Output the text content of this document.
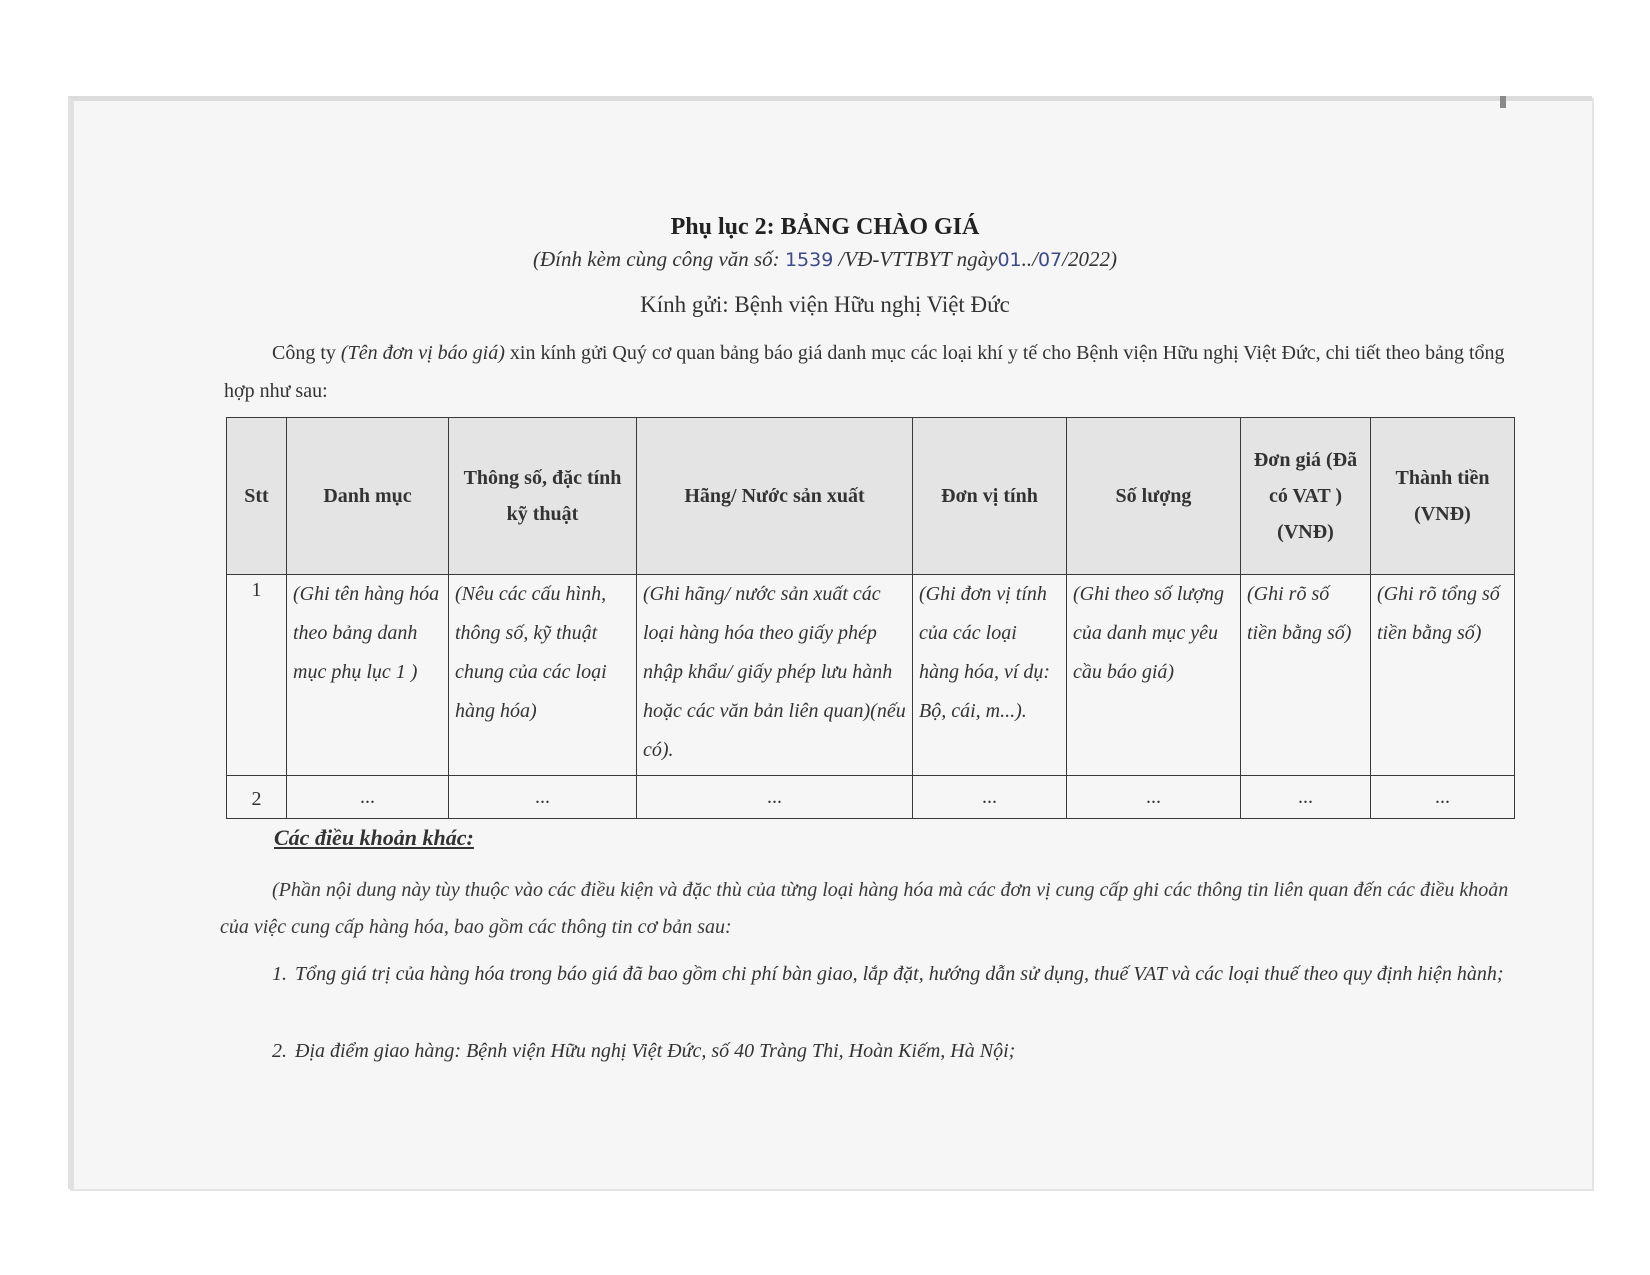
Phụ lục 2: BẢNG CHÀO GIÁ
(Đính kèm cùng công văn số: 1539 /VĐ-VTTBYT ngày01../07/2022)
Kính gửi: Bệnh viện Hữu nghị Việt Đức
Công ty (Tên đơn vị báo giá) xin kính gửi Quý cơ quan bảng báo giá danh mục các loại khí y tế cho Bệnh viện Hữu nghị Việt Đức, chi tiết theo bảng tổng hợp như sau:
Stt	Danh mục	Thông số, đặc tính kỹ thuật	Hãng/ Nước sản xuất	Đơn vị tính	Số lượng	Đơn giá (Đã có VAT ) (VNĐ)	Thành tiền (VNĐ)
1	(Ghi tên hàng hóa theo bảng danh mục phụ lục 1 )	(Nêu các cấu hình, thông số, kỹ thuật chung của các loại hàng hóa)	(Ghi hãng/ nước sản xuất các loại hàng hóa theo giấy phép nhập khẩu/ giấy phép lưu hành hoặc các văn bản liên quan)(nếu có).	(Ghi đơn vị tính của các loại hàng hóa, ví dụ: Bộ, cái, m...).	(Ghi theo số lượng của danh mục yêu cầu báo giá)	(Ghi rõ số tiền bằng số)	(Ghi rõ tổng số tiền bằng số)
2	...	...	...	...	...	...	...
Các điều khoản khác:
(Phần nội dung này tùy thuộc vào các điều kiện và đặc thù của từng loại hàng hóa mà các đơn vị cung cấp ghi các thông tin liên quan đến các điều khoản của việc cung cấp hàng hóa, bao gồm các thông tin cơ bản sau:
1. Tổng giá trị của hàng hóa trong báo giá đã bao gồm chi phí bàn giao, lắp đặt, hướng dẫn sử dụng, thuế VAT và các loại thuế theo quy định hiện hành;
2. Địa điểm giao hàng: Bệnh viện Hữu nghị Việt Đức, số 40 Tràng Thi, Hoàn Kiếm, Hà Nội;
